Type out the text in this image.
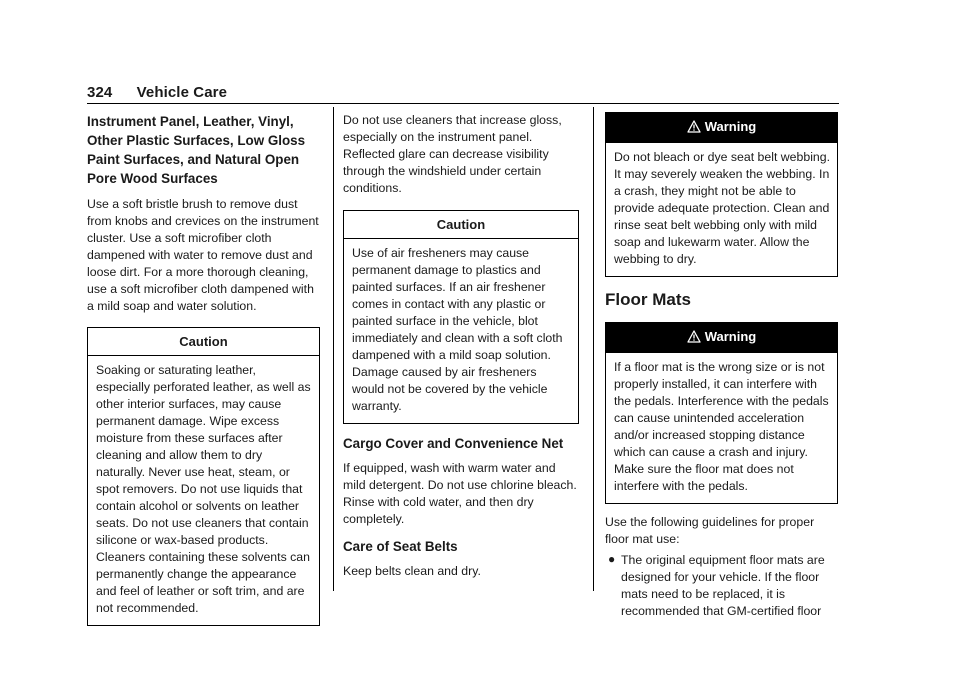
324 Vehicle Care
Instrument Panel, Leather, Vinyl, Other Plastic Surfaces, Low Gloss Paint Surfaces, and Natural Open Pore Wood Surfaces

Use a soft bristle brush to remove dust from knobs and crevices on the instrument cluster. Use a soft microfiber cloth dampened with water to remove dust and loose dirt. For a more thorough cleaning, use a soft microfiber cloth dampened with a mild soap and water solution.

Caution

Soaking or saturating leather, especially perforated leather, as well as other interior surfaces, may cause permanent damage. Wipe excess moisture from these surfaces after cleaning and allow them to dry naturally. Never use heat, steam, or spot removers. Do not use liquids that contain alcohol or solvents on leather seats. Do not use cleaners that contain silicone or wax-based products. Cleaners containing these solvents can permanently change the appearance and feel of leather or soft trim, and are not recommended.

Do not use cleaners that increase gloss, especially on the instrument panel. Reflected glare can decrease visibility through the windshield under certain conditions.

Caution

Use of air fresheners may cause permanent damage to plastics and painted surfaces. If an air freshener comes in contact with any plastic or painted surface in the vehicle, blot immediately and clean with a soft cloth dampened with a mild soap solution. Damage caused by air fresheners would not be covered by the vehicle warranty.

Cargo Cover and Convenience Net

If equipped, wash with warm water and mild detergent. Do not use chlorine bleach. Rinse with cold water, and then dry completely.

Care of Seat Belts

Keep belts clean and dry.

Warning

Do not bleach or dye seat belt webbing. It may severely weaken the webbing. In a crash, they might not be able to provide adequate protection. Clean and rinse seat belt webbing only with mild soap and lukewarm water. Allow the webbing to dry.

Floor Mats
Warning

If a floor mat is the wrong size or is not properly installed, it can interfere with the pedals. Interference with the pedals can cause unintended acceleration and/or increased stopping distance which can cause a crash and injury. Make sure the floor mat does not interfere with the pedals.

Use the following guidelines for proper floor mat use:

● The original equipment floor mats are designed for your vehicle. If the floor mats need to be replaced, it is recommended that GM-certified floor
